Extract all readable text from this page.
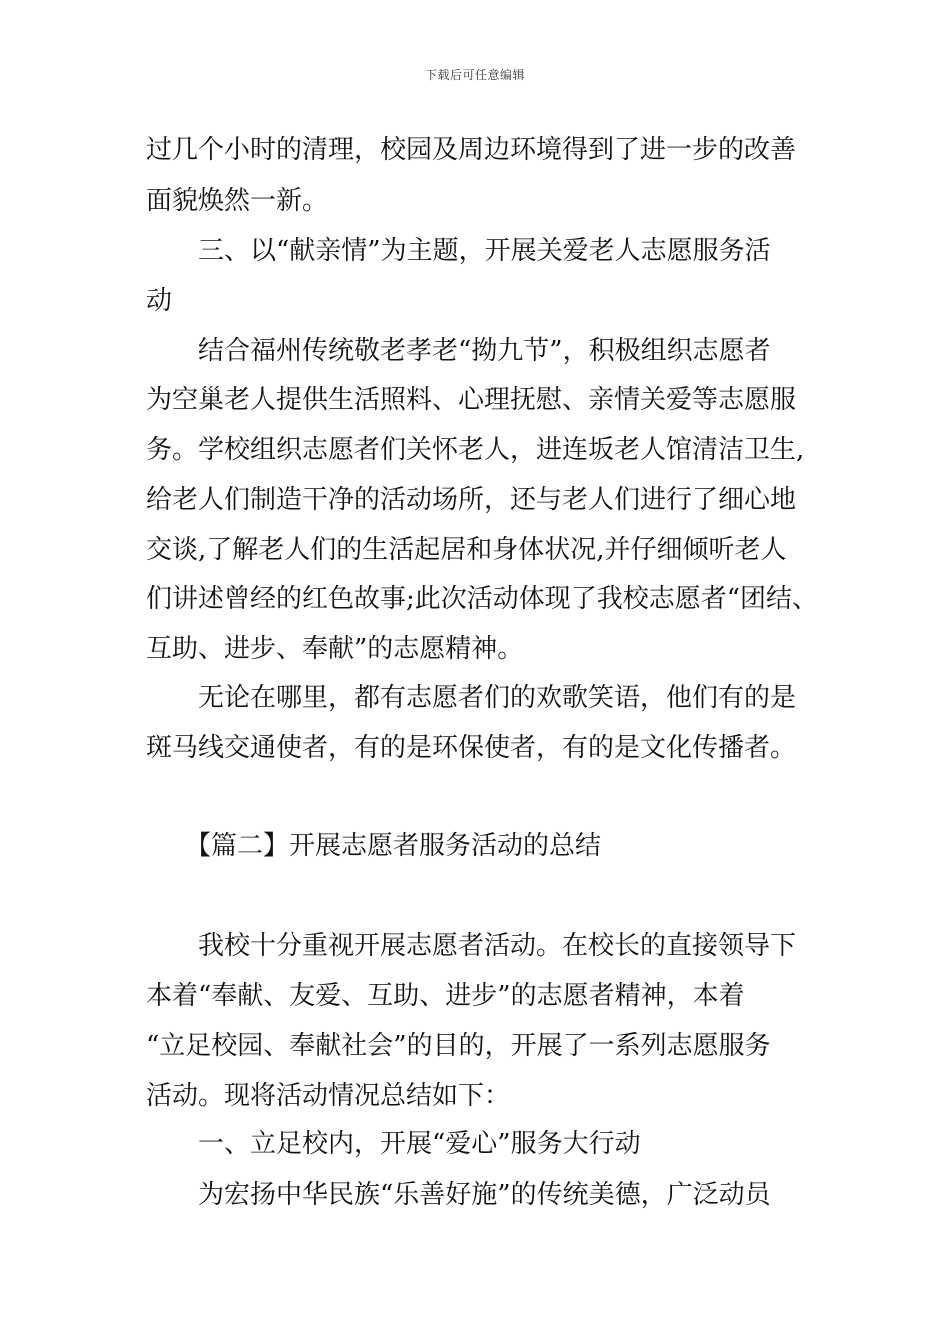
下载后可任意编辑
过几个小时的清理，校园及周边环境得到了进一步的改善
面貌焕然一新。
　　三、以“献亲情”为主题，开展关爱老人志愿服务活
动
　　结合福州传统敬老孝老“拗九节”，积极组织志愿者
为空巢老人提供生活照料、心理抚慰、亲情关爱等志愿服
务。学校组织志愿者们关怀老人，进连坂老人馆清洁卫生,
给老人们制造干净的活动场所，还与老人们进行了细心地
交谈,了解老人们的生活起居和身体状况,并仔细倾听老人
们讲述曾经的红色故事;此次活动体现了我校志愿者“团结、
互助、进步、奉献”的志愿精神。
　　无论在哪里，都有志愿者们的欢歌笑语，他们有的是
斑马线交通使者，有的是环保使者，有的是文化传播者。
　　【篇二】开展志愿者服务活动的总结
　　我校十分重视开展志愿者活动。在校长的直接领导下
本着“奉献、友爱、互助、进步”的志愿者精神，本着
“立足校园、奉献社会”的目的，开展了一系列志愿服务
活动。现将活动情况总结如下：
　　一、立足校内，开展“爱心”服务大行动
　　为宏扬中华民族“乐善好施”的传统美德，广泛动员
